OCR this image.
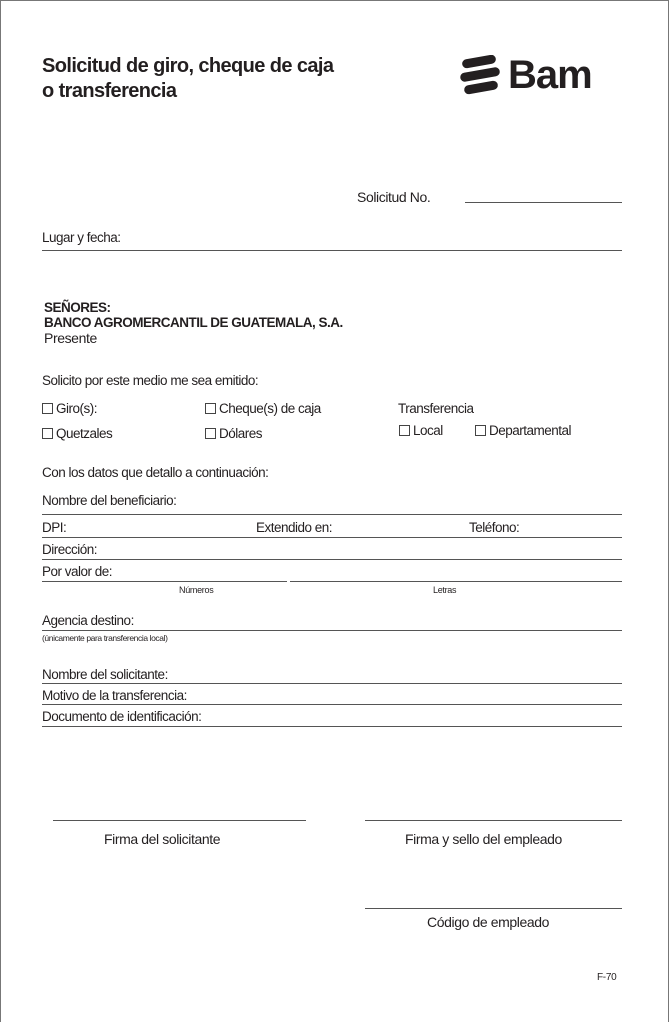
Solicitud de giro, cheque de caja
o transferencia	Bam
Solicitud No.
Lugar y fecha:
SEÑORES:
BANCO AGROMERCANTIL DE GUATEMALA, S.A.
Presente
Solicito por este medio me sea emitido:
Giro(s):	Cheque(s) de caja	Transferencia
Quetzales	Dólares	Local	Departamental
Con los datos que detallo a continuación:
Nombre del beneficiario:
DPI:	Extendido en:	Teléfono:
Dirección:
Por valor de:
Números	Letras
Agencia destino:
(únicamente para transferencia local)
Nombre del solicitante:
Motivo de la transferencia:
Documento de identificación:
Firma del solicitante	Firma y sello del empleado
Código de empleado
F-70
